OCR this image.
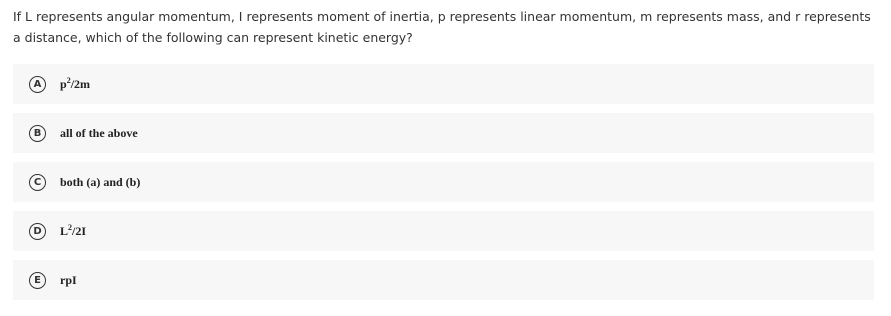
If L represents angular momentum, I represents moment of inertia, p represents linear momentum, m represents mass, and r represents a distance, which of the following can represent kinetic energy?

A	$p^2/2m$
B	all of the above
C	both (a) and (b)
D	$L^2/2I$
E	rpI
